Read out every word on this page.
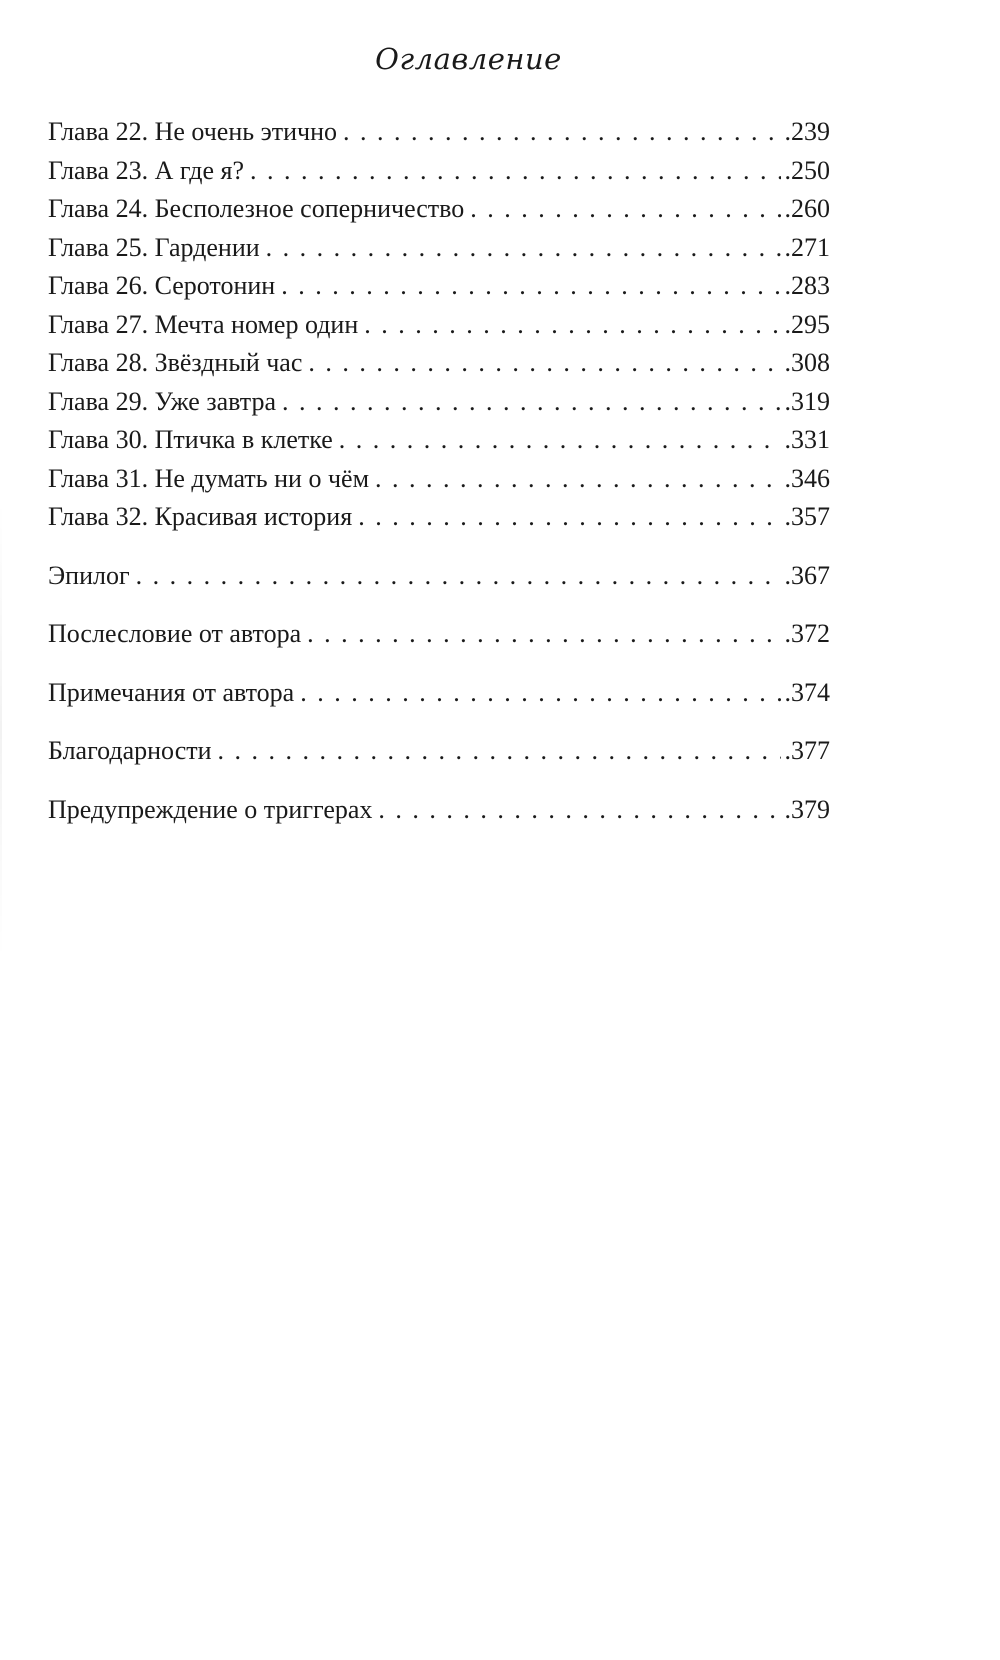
Оглавление
Глава 22. Не очень этично . . .	.239
Глава 23. А где я? . . .	.250
Глава 24. Бесполезное соперничество . . .	.260
Глава 25. Гардении . . .	.271
Глава 26. Серотонин . . .	.283
Глава 27. Мечта номер один . . .	.295
Глава 28. Звёздный час . . .	.308
Глава 29. Уже завтра . . .	.319
Глава 30. Птичка в клетке . . .	.331
Глава 31. Не думать ни о чём . . .	.346
Глава 32. Красивая история . . .	.357
Эпилог . . .	.367
Послесловие от автора . . .	.372
Примечания от автора . . .	.374
Благодарности . . .	.377
Предупреждение о триггерах . . .	.379
